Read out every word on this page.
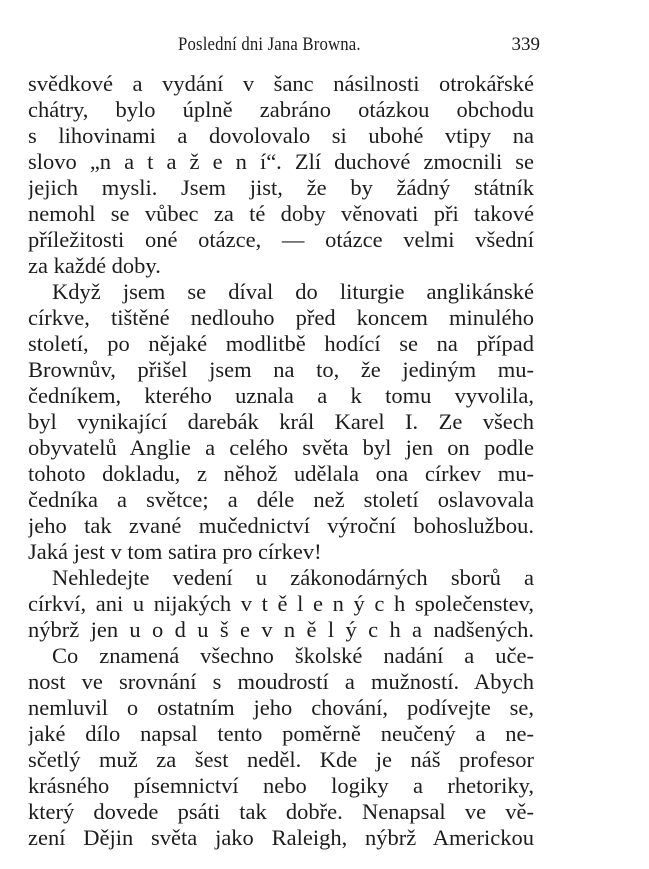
Poslední dni Jana Browna.	339
svědkové a vydání v šanc násilnosti otrokářské
chátry, bylo úplně zabráno otázkou obchodu
s lihovinami a dovolovalo si ubohé vtipy na
slovo „n a t a ž e n í“. Zlí duchové zmocnili se
jejich mysli. Jsem jist, že by žádný státník
nemohl se vůbec za té doby věnovati při takové
příležitosti oné otázce, — otázce velmi všední
za každé doby.
Když jsem se díval do liturgie anglikánské
církve, tištěné nedlouho před koncem minulého
století, po nějaké modlitbě hodící se na případ
Brownův, přišel jsem na to, že jediným mu-
čedníkem, kterého uznala a k tomu vyvolila,
byl vynikající darebák král Karel I. Ze všech
obyvatelů Anglie a celého světa byl jen on podle
tohoto dokladu, z něhož udělala ona církev mu-
čedníka a světce; a déle než století oslavovala
jeho tak zvané mučednictví výroční bohoslužbou.
Jaká jest v tom satira pro církev!
Nehledejte vedení u zákonodárných sborů a
církví, ani u nijakých v t ě l e n ý c h společenstev,
nýbrž jen u o d u š e v n ě l ý c h a nadšených.
Co znamená všechno školské nadání a uče-
nost ve srovnání s moudrostí a mužností. Abych
nemluvil o ostatním jeho chování, podívejte se,
jaké dílo napsal tento poměrně neučený a ne-
sčetlý muž za šest neděl. Kde je náš profesor
krásného písemnictví nebo logiky a rhetoriky,
který dovede psáti tak dobře. Nenapsal ve vě-
zení Dějin světa jako Raleigh, nýbrž Americkou
